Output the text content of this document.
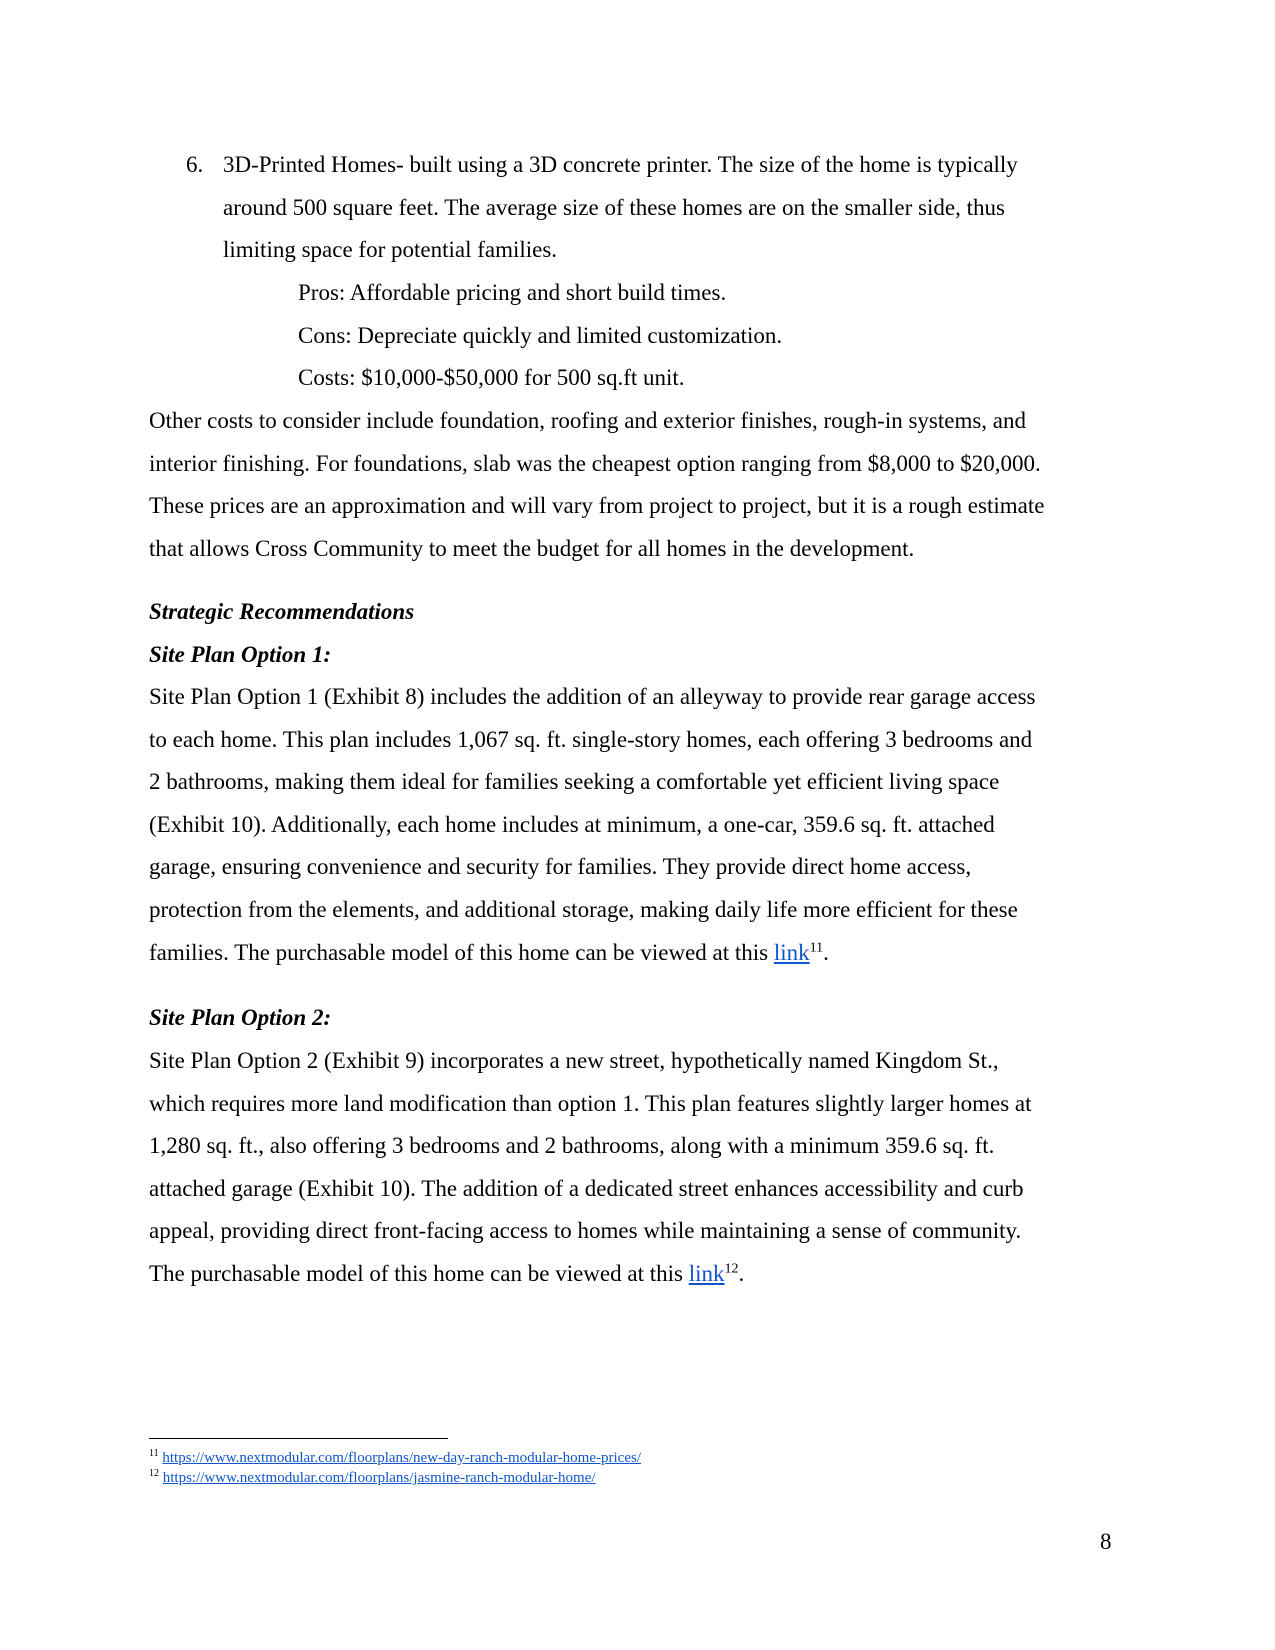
6. 3D-Printed Homes- built using a 3D concrete printer. The size of the home is typically
around 500 square feet. The average size of these homes are on the smaller side, thus
limiting space for potential families.
Pros: Affordable pricing and short build times.
Cons: Depreciate quickly and limited customization.
Costs: $10,000-$50,000 for 500 sq.ft unit.
Other costs to consider include foundation, roofing and exterior finishes, rough-in systems, and
interior finishing. For foundations, slab was the cheapest option ranging from $8,000 to $20,000.
These prices are an approximation and will vary from project to project, but it is a rough estimate
that allows Cross Community to meet the budget for all homes in the development.
Strategic Recommendations
Site Plan Option 1:
Site Plan Option 1 (Exhibit 8) includes the addition of an alleyway to provide rear garage access
to each home. This plan includes 1,067 sq. ft. single-story homes, each offering 3 bedrooms and
2 bathrooms, making them ideal for families seeking a comfortable yet efficient living space
(Exhibit 10). Additionally, each home includes at minimum, a one-car, 359.6 sq. ft. attached
garage, ensuring convenience and security for families. They provide direct home access,
protection from the elements, and additional storage, making daily life more efficient for these
families. The purchasable model of this home can be viewed at this link$^{11}$.
Site Plan Option 2:
Site Plan Option 2 (Exhibit 9) incorporates a new street, hypothetically named Kingdom St.,
which requires more land modification than option 1. This plan features slightly larger homes at
1,280 sq. ft., also offering 3 bedrooms and 2 bathrooms, along with a minimum 359.6 sq. ft.
attached garage (Exhibit 10). The addition of a dedicated street enhances accessibility and curb
appeal, providing direct front-facing access to homes while maintaining a sense of community.
The purchasable model of this home can be viewed at this link$^{12}$.
$^{11}$ https://www.nextmodular.com/floorplans/new-day-ranch-modular-home-prices/
$^{12}$ https://www.nextmodular.com/floorplans/jasmine-ranch-modular-home/
8
